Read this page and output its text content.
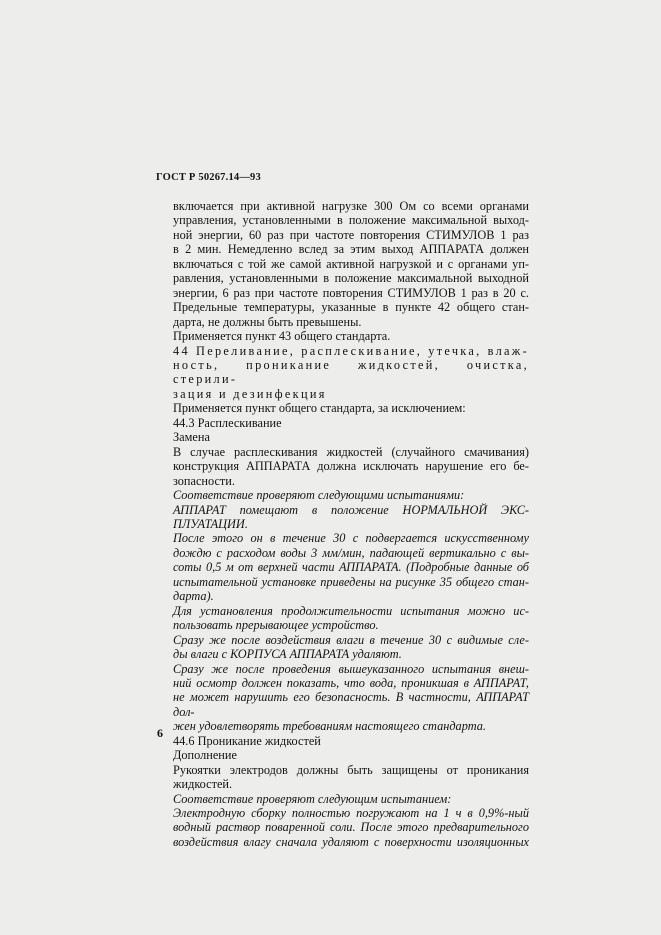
ГОСТ Р 50267.14—93
включается при активной нагрузке 300 Ом со всеми органами
управления, установленными в положение максимальной выход-
ной энергии, 60 раз при частоте повторения СТИМУЛОВ 1 раз
в 2 мин. Немедленно вслед за этим выход АППАРАТА должен
включаться с той же самой активной нагрузкой и с органами уп-
равления, установленными в положение максимальной выходной
энергии, 6 раз при частоте повторения СТИМУЛОВ 1 раз в 20 с.
Предельные температуры, указанные в пункте 42 общего стан-
дарта, не должны быть превышены.
Применяется пункт 43 общего стандарта.
44 Переливание, расплескивание, утечка, влаж-
ность, проникание жидкостей, очистка, стерили-
зация и дезинфекция
Применяется пункт общего стандарта, за исключением:
44.3 Расплескивание
Замена
В случае расплескивания жидкостей (случайного смачивания)
конструкция АППАРАТА должна исключать нарушение его бе-
зопасности.
Соответствие проверяют следующими испытаниями:
АППАРАТ помещают в положение НОРМАЛЬНОЙ ЭКС-
ПЛУАТАЦИИ.
После этого он в течение 30 с подвергается искусственному
дождю с расходом воды 3 мм/мин, падающей вертикально с вы-
соты 0,5 м от верхней части АППАРАТА. (Подробные данные об
испытательной установке приведены на рисунке 35 общего стан-
дарта).
Для установления продолжительности испытания можно ис-
пользовать прерывающее устройство.
Сразу же после воздействия влаги в течение 30 с видимые сле-
ды влаги с КОРПУСА АППАРАТА удаляют.
Сразу же после проведения вышеуказанного испытания внеш-
ний осмотр должен показать, что вода, проникшая в АППАРАТ,
не может нарушить его безопасность. В частности, АППАРАТ дол-
жен удовлетворять требованиям настоящего стандарта.
44.6 Проникание жидкостей
Дополнение
Рукоятки электродов должны быть защищены от проникания
жидкостей.
Соответствие проверяют следующим испытанием:
Электродную сборку полностью погружают на 1 ч в 0,9%-ный
водный раствор поваренной соли. После этого предварительного
воздействия влагу сначала удаляют с поверхности изоляционных
6
